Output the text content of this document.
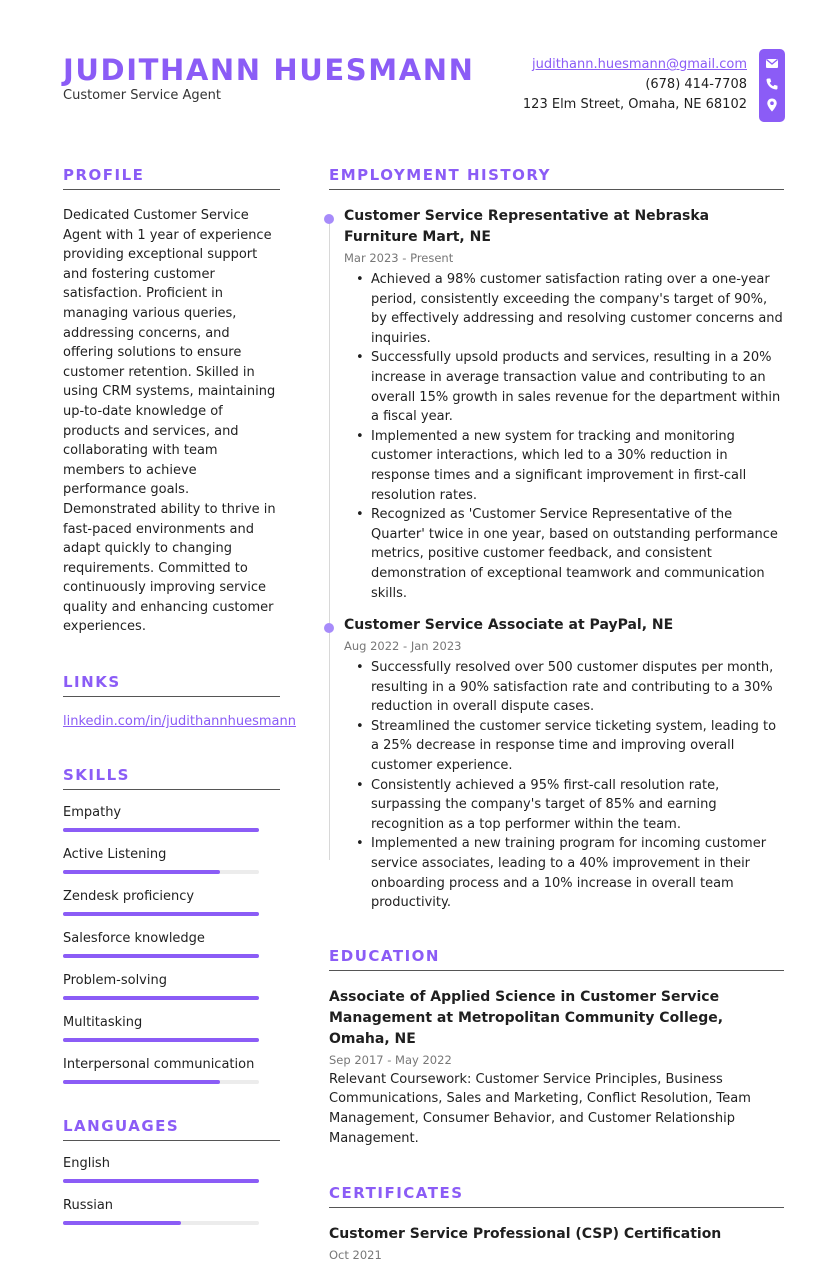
JUDITHANN HUESMANN
Customer Service Agent
judithann.huesmann@gmail.com
(678) 414-7708
123 Elm Street, Omaha, NE 68102
PROFILE
Dedicated Customer Service Agent with 1 year of experience providing exceptional support and fostering customer satisfaction. Proficient in managing various queries, addressing concerns, and offering solutions to ensure customer retention. Skilled in using CRM systems, maintaining up-to-date knowledge of products and services, and collaborating with team members to achieve performance goals. Demonstrated ability to thrive in fast-paced environments and adapt quickly to changing requirements. Committed to continuously improving service quality and enhancing customer experiences.
LINKS
linkedin.com/in/judithannhuesmann
SKILLS
Empathy
Active Listening
Zendesk proficiency
Salesforce knowledge
Problem-solving
Multitasking
Interpersonal communication
LANGUAGES
English
Russian
EMPLOYMENT HISTORY
Customer Service Representative at Nebraska Furniture Mart, NE
Mar 2023 - Present
• Achieved a 98% customer satisfaction rating over a one-year period, consistently exceeding the company's target of 90%, by effectively addressing and resolving customer concerns and inquiries.
• Successfully upsold products and services, resulting in a 20% increase in average transaction value and contributing to an overall 15% growth in sales revenue for the department within a fiscal year.
• Implemented a new system for tracking and monitoring customer interactions, which led to a 30% reduction in response times and a significant improvement in first-call resolution rates.
• Recognized as 'Customer Service Representative of the Quarter' twice in one year, based on outstanding performance metrics, positive customer feedback, and consistent demonstration of exceptional teamwork and communication skills.
Customer Service Associate at PayPal, NE
Aug 2022 - Jan 2023
• Successfully resolved over 500 customer disputes per month, resulting in a 90% satisfaction rate and contributing to a 30% reduction in overall dispute cases.
• Streamlined the customer service ticketing system, leading to a 25% decrease in response time and improving overall customer experience.
• Consistently achieved a 95% first-call resolution rate, surpassing the company's target of 85% and earning recognition as a top performer within the team.
• Implemented a new training program for incoming customer service associates, leading to a 40% improvement in their onboarding process and a 10% increase in overall team productivity.
EDUCATION
Associate of Applied Science in Customer Service Management at Metropolitan Community College, Omaha, NE
Sep 2017 - May 2022
Relevant Coursework: Customer Service Principles, Business Communications, Sales and Marketing, Conflict Resolution, Team Management, Consumer Behavior, and Customer Relationship Management.
CERTIFICATES
Customer Service Professional (CSP) Certification
Oct 2021
